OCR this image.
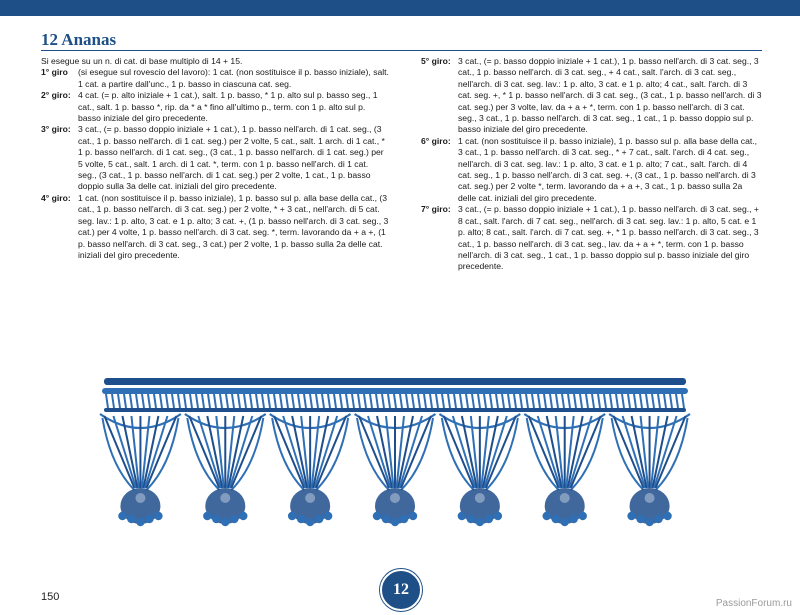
12 Ananas

Si esegue su un n. di cat. di base multiplo di 14 + 15.

1° giro (si esegue sul rovescio del lavoro): 1 cat. (non sostituisce il p. basso iniziale), salt. 1 cat. a partire dall'unc., 1 p. basso in ciascuna cat. seg.

2° giro: 4 cat. (= p. alto iniziale + 1 cat.), salt. 1 p. basso, * 1 p. alto sul p. basso seg., 1 cat., salt. 1 p. basso *, rip. da * a * fino all'ultimo p., term. con 1 p. alto sul p. basso iniziale del giro precedente.

3° giro: 3 cat., (= p. basso doppio iniziale + 1 cat.), 1 p. basso nell'arch. di 1 cat. seg., (3 cat., 1 p. basso nell'arch. di 1 cat. seg.) per 2 volte, 5 cat., salt. 1 arch. di 1 cat., * 1 p. basso nell'arch. di 1 cat. seg., (3 cat., 1 p. basso nell'arch. di 1 cat. seg.) per 5 volte, 5 cat., salt. 1 arch. di 1 cat. *, term. con 1 p. basso nell'arch. di 1 cat. seg., (3 cat., 1 p. basso nell'arch. di 1 cat. seg.) per 2 volte, 1 cat., 1 p. basso doppio sulla 3a delle cat. iniziali del giro precedente.

4° giro: 1 cat. (non sostituisce il p. basso iniziale), 1 p. basso sul p. alla base della cat., (3 cat., 1 p. basso nell'arch. di 3 cat. seg.) per 2 volte, * + 3 cat., nell'arch. di 5 cat. seg. lav.: 1 p. alto, 3 cat. e 1 p. alto; 3 cat. +, (1 p. basso nell'arch. di 3 cat. seg., 3 cat.) per 4 volte, 1 p. basso nell'arch. di 3 cat. seg. *, term. lavorando da + a +, (1 p. basso nell'arch. di 3 cat. seg., 3 cat.) per 2 volte, 1 p. basso sulla 2a delle cat. iniziali del giro precedente.

5° giro: 3 cat., (= p. basso doppio iniziale + 1 cat.), 1 p. basso nell'arch. di 3 cat. seg., 3 cat., 1 p. basso nell'arch. di 3 cat. seg., + 4 cat., salt. l'arch. di 3 cat. seg., nell'arch. di 3 cat. seg. lav.: 1 p. alto, 3 cat. e 1 p. alto; 4 cat., salt. l'arch. di 3 cat. seg. +, * 1 p. basso nell'arch. di 3 cat. seg., (3 cat., 1 p. basso nell'arch. di 3 cat. seg.) per 3 volte, lav. da + a + *, term. con 1 p. basso nell'arch. di 3 cat. seg., 3 cat., 1 p. basso nell'arch. di 3 cat. seg., 1 cat., 1 p. basso doppio sul p. basso iniziale del giro precedente.

6° giro: 1 cat. (non sostituisce il p. basso iniziale), 1 p. basso sul p. alla base della cat., 3 cat., 1 p. basso nell'arch. di 3 cat. seg., * + 7 cat., salt. l'arch. di 4 cat. seg., nell'arch. di 3 cat. seg. lav.: 1 p. alto, 3 cat. e 1 p. alto; 7 cat., salt. l'arch. di 4 cat. seg., 1 p. basso nell'arch. di 3 cat. seg. +, (3 cat., 1 p. basso nell'arch. di 3 cat. seg.) per 2 volte *, term. lavorando da + a +, 3 cat., 1 p. basso sulla 2a delle cat. iniziali del giro precedente.

7° giro: 3 cat., (= p. basso doppio iniziale + 1 cat.), 1 p. basso nell'arch. di 3 cat. seg., + 8 cat., salt. l'arch. di 7 cat. seg., nell'arch. di 3 cat. seg. lav.: 1 p. alto, 5 cat. e 1 p. alto; 8 cat., salt. l'arch. di 7 cat. seg. +, * 1 p. basso nell'arch. di 3 cat. seg., 3 cat., 1 p. basso nell'arch. di 3 cat. seg., lav. da + a + *, term. con 1 p. basso nell'arch. di 3 cat. seg., 1 cat., 1 p. basso doppio sul p. basso iniziale del giro precedente.

150	12
PassionForum.ru
